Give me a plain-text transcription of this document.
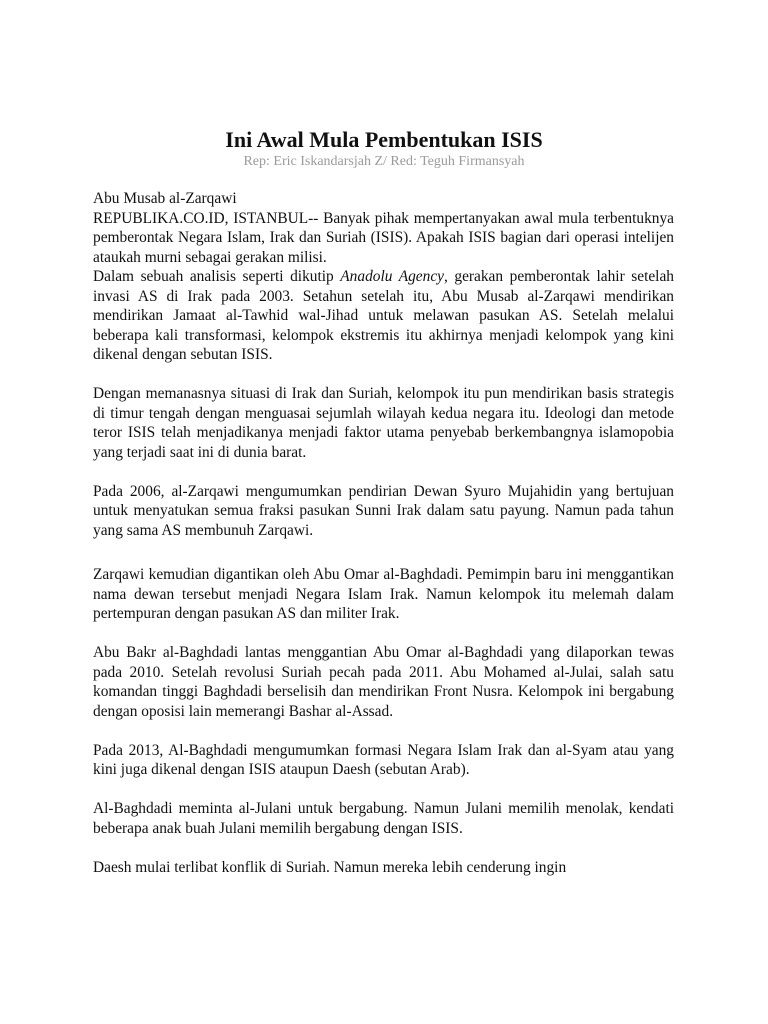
Ini Awal Mula Pembentukan ISIS
Rep: Eric Iskandarsjah Z/ Red: Teguh Firmansyah

Abu Musab al-Zarqawi

REPUBLIKA.CO.ID, ISTANBUL-- Banyak pihak mempertanyakan awal mula terbentuknya pemberontak Negara Islam, Irak dan Suriah (ISIS). Apakah ISIS bagian dari operasi intelijen ataukah murni sebagai gerakan milisi.

Dalam sebuah analisis seperti dikutip Anadolu Agency, gerakan pemberontak lahir setelah invasi AS di Irak pada 2003. Setahun setelah itu, Abu Musab al-Zarqawi mendirikan mendirikan Jamaat al-Tawhid wal-Jihad untuk melawan pasukan AS. Setelah melalui beberapa kali transformasi, kelompok ekstremis itu akhirnya menjadi kelompok yang kini dikenal dengan sebutan ISIS.

Dengan memanasnya situasi di Irak dan Suriah, kelompok itu pun mendirikan basis strategis di timur tengah dengan menguasai sejumlah wilayah kedua negara itu. Ideologi dan metode teror ISIS telah menjadikanya menjadi faktor utama penyebab berkembangnya islamopobia yang terjadi saat ini di dunia barat.

Pada 2006, al-Zarqawi mengumumkan pendirian Dewan Syuro Mujahidin yang bertujuan untuk menyatukan semua fraksi pasukan Sunni Irak dalam satu payung. Namun pada tahun yang sama AS membunuh Zarqawi.

Zarqawi kemudian digantikan oleh Abu Omar al-Baghdadi. Pemimpin baru ini menggantikan nama dewan tersebut menjadi Negara Islam Irak. Namun kelompok itu melemah dalam pertempuran dengan pasukan AS dan militer Irak.

Abu Bakr al-Baghdadi lantas menggantian Abu Omar al-Baghdadi yang dilaporkan tewas pada 2010. Setelah revolusi Suriah pecah pada 2011. Abu Mohamed al-Julai, salah satu komandan tinggi Baghdadi berselisih dan mendirikan Front Nusra. Kelompok ini bergabung dengan oposisi lain memerangi Bashar al-Assad.

Pada 2013, Al-Baghdadi mengumumkan formasi Negara Islam Irak dan al-Syam atau yang kini juga dikenal dengan ISIS ataupun Daesh (sebutan Arab).

Al-Baghdadi meminta al-Julani untuk bergabung. Namun Julani memilih menolak, kendati beberapa anak buah Julani memilih bergabung dengan ISIS.

Daesh mulai terlibat konflik di Suriah. Namun mereka lebih cenderung ingin
